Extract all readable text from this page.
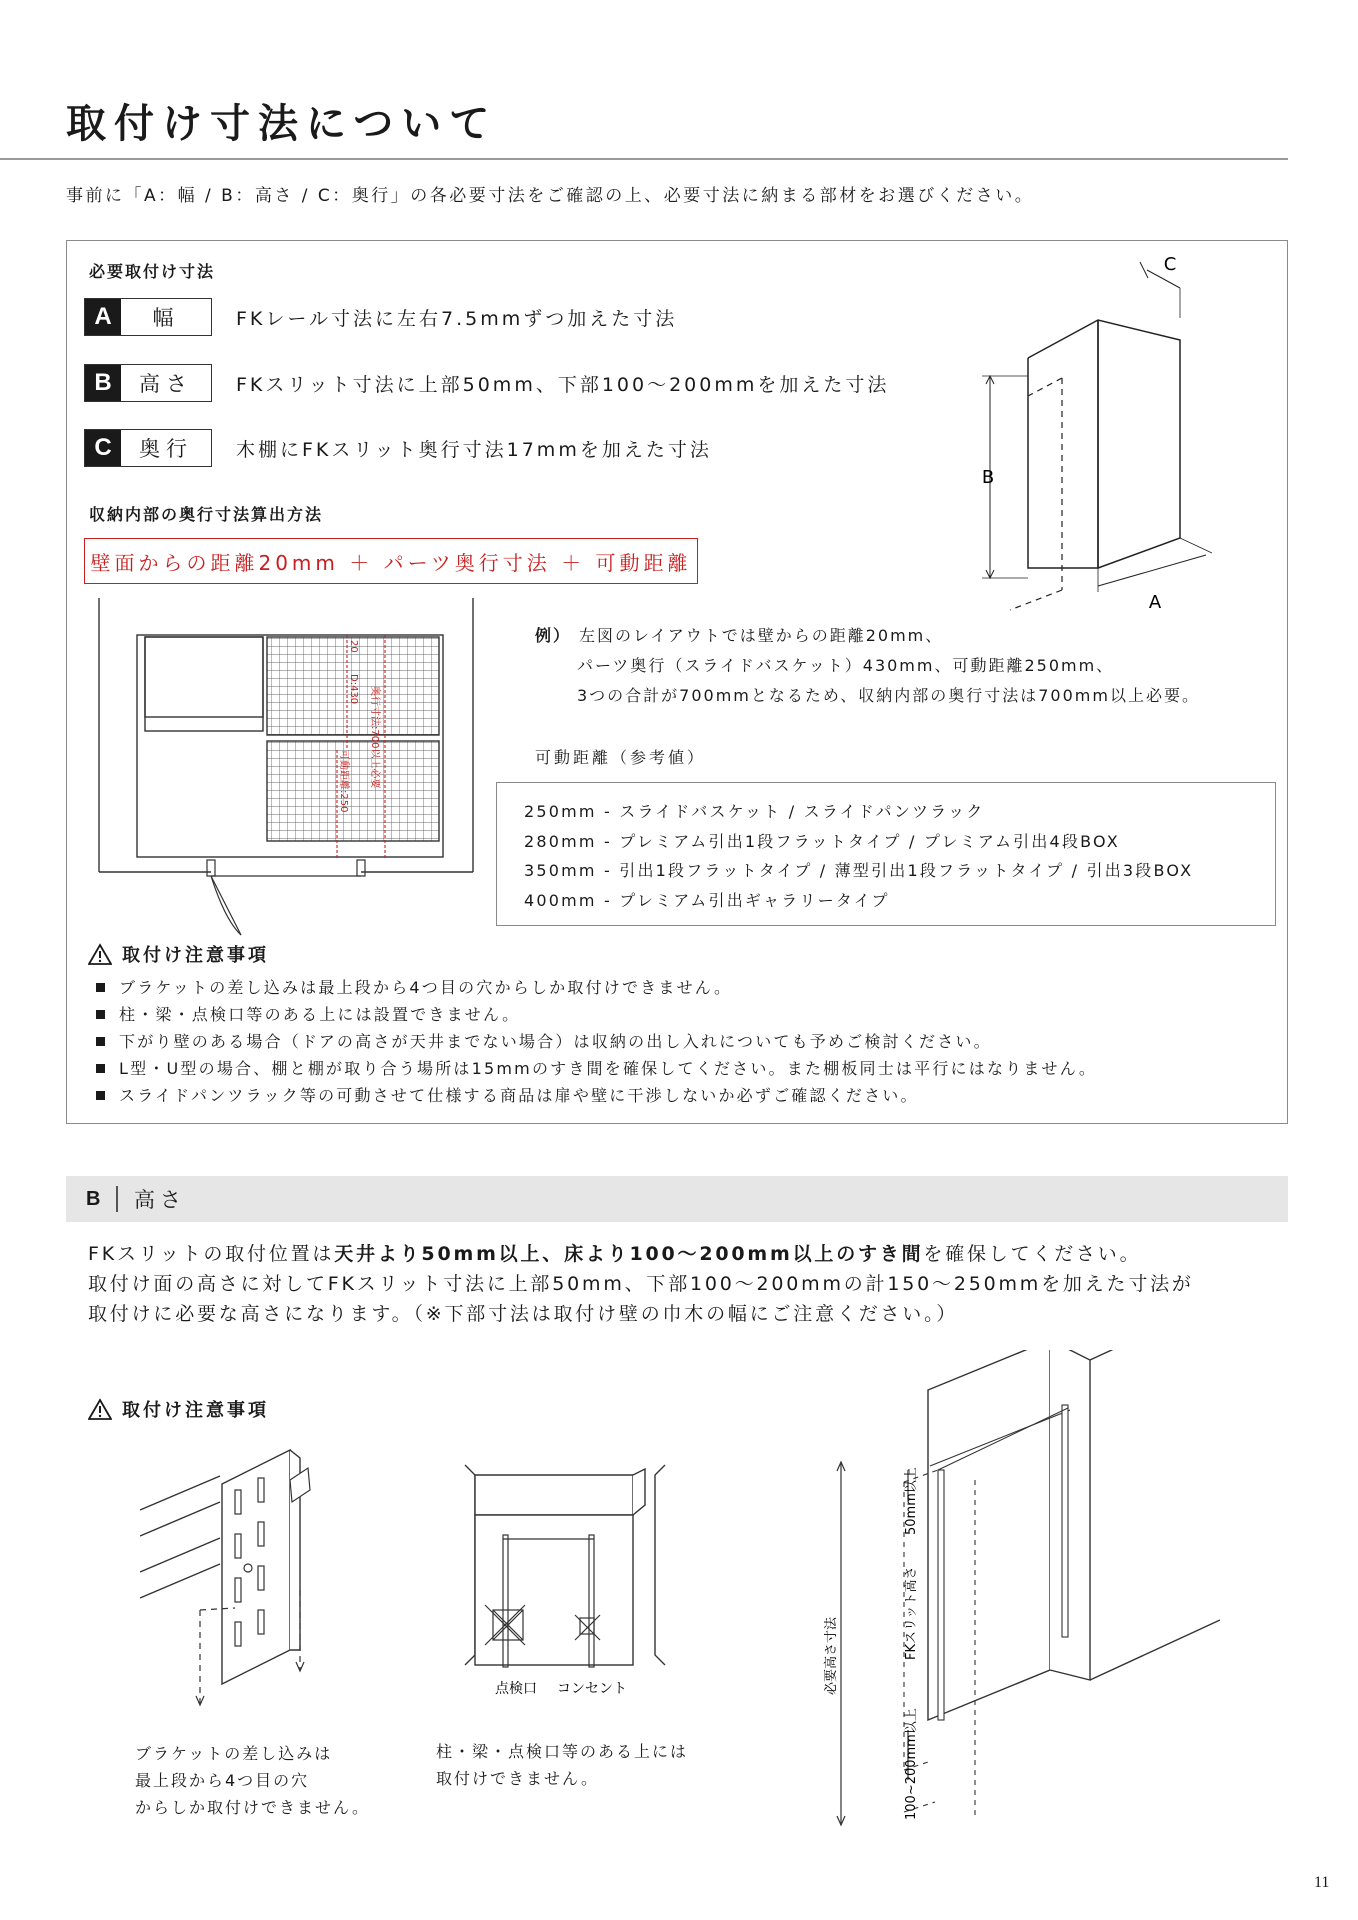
取付け寸法について
事前に「A：幅 / B：高さ / C：奥行」の各必要寸法をご確認の上、必要寸法に納まる部材をお選びください。
必要取付け寸法
A	幅	FKレール寸法に左右7.5mmずつ加えた寸法
B	高さ	FKスリット寸法に上部50mm、下部100〜200mmを加えた寸法
C	奥行	木棚にFKスリット奥行寸法17mmを加えた寸法
B
A
C
収納内部の奥行寸法算出方法
壁面からの距離20mm ＋ パーツ奥行寸法 ＋ 可動距離
20
D:430
可動距離:250 奥行寸法:700以上必要
例） 左図のレイアウトでは壁からの距離20mm、
パーツ奥行（スライドバスケット）430mm、可動距離250mm、
3つの合計が700mmとなるため、収納内部の奥行寸法は700mm以上必要。
可動距離（参考値）
250mm - スライドバスケット / スライドパンツラック
280mm - プレミアム引出1段フラットタイプ / プレミアム引出4段BOX
350mm - 引出1段フラットタイプ / 薄型引出1段フラットタイプ / 引出3段BOX
400mm - プレミアム引出ギャラリータイプ
取付け注意事項
ブラケットの差し込みは最上段から4つ目の穴からしか取付けできません。
柱・梁・点検口等のある上には設置できません。
下がり壁のある場合（ドアの高さが天井までない場合）は収納の出し入れについても予めご検討ください。
L型・U型の場合、棚と棚が取り合う場所は15mmのすき間を確保してください。また棚板同士は平行にはなりません。
スライドパンツラック等の可動させて仕様する商品は扉や壁に干渉しないか必ずご確認ください。
B 高さ
FKスリットの取付位置は天井より50mm以上、床より100〜200mm以上のすき間を確保してください。
取付け面の高さに対してFKスリット寸法に上部50mm、下部100〜200mmの計150〜250mmを加えた寸法が
取付けに必要な高さになります。（※下部寸法は取付け壁の巾木の幅にご注意ください。）
取付け注意事項
ブラケットの差し込みは
最上段から4つ目の穴
からしか取付けできません。
点検口 コンセント
柱・梁・点検口等のある上には
取付けできません。
50mm以上
FKスリット高さ
100~200mm以上
必要高さ寸法
11
